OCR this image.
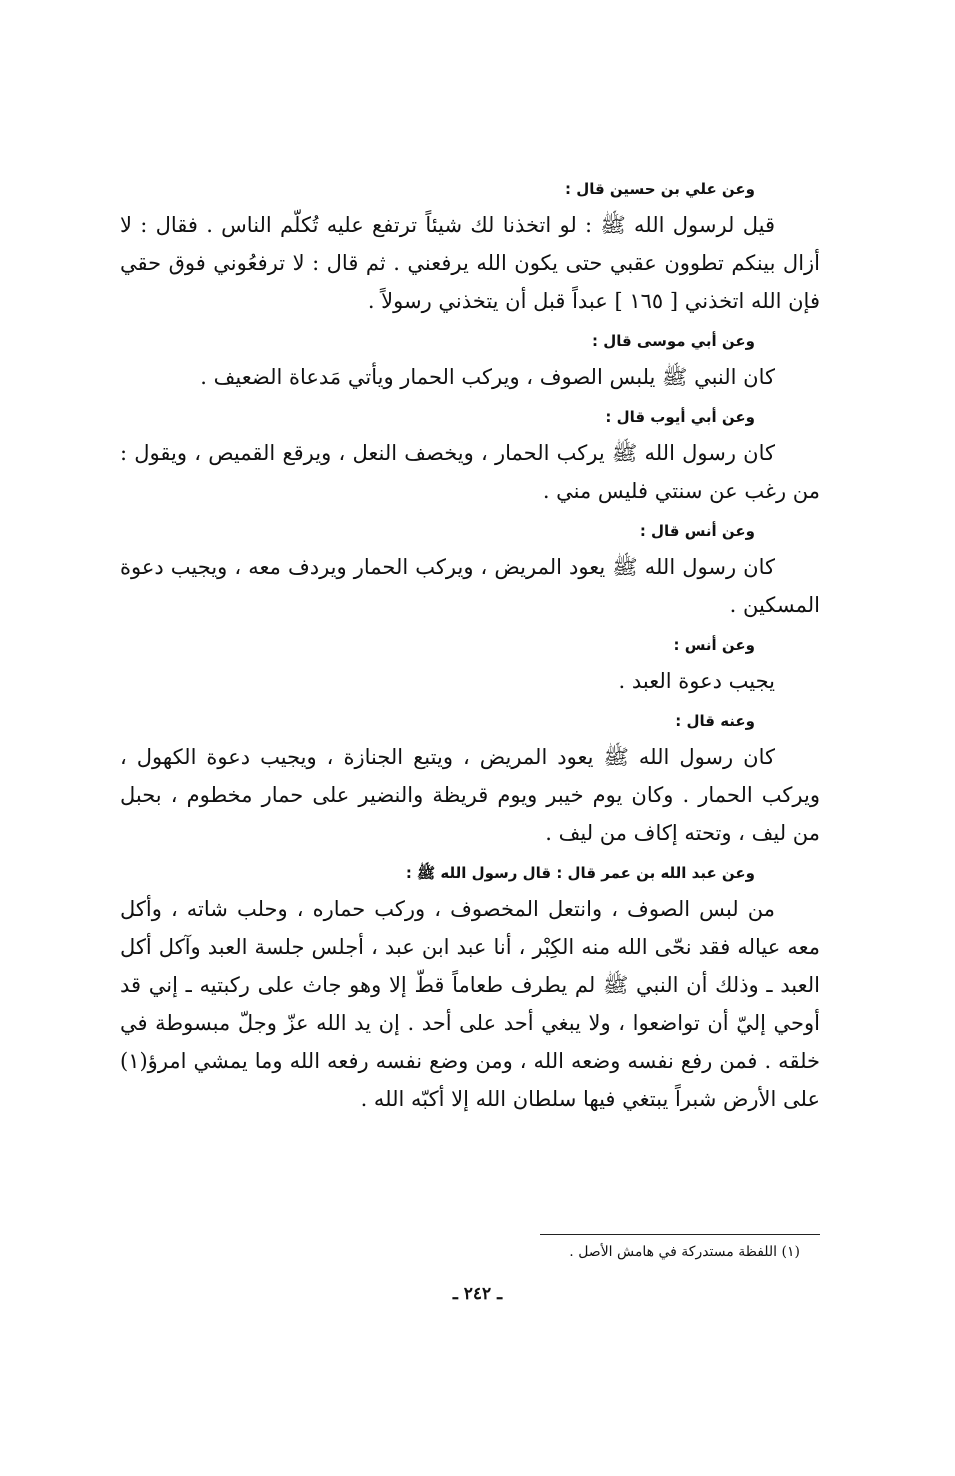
وعن علي بن حسين قال :

قيل لرسول الله ﷺ : لو اتخذنا لك شيئاً ترتفع عليه تُكلّم الناس . فقال : لا أزال بينكم تطوون عقبي حتى يكون الله يرفعني . ثم قال : لا ترفعُوني فوق حقي فإن الله اتخذني [ ١٦٥ ] عبداً قبل أن يتخذني رسولاً .

وعن أبي موسى قال :

كان النبي ﷺ يلبس الصوف ، ويركب الحمار ويأتي مَدعاة الضعيف .

وعن أبي أيوب قال :

كان رسول الله ﷺ يركب الحمار ، ويخصف النعل ، ويرقع القميص ، ويقول : من رغب عن سنتي فليس مني .

وعن أنس قال :

كان رسول الله ﷺ يعود المريض ، ويركب الحمار ويردف معه ، ويجيب دعوة المسكين .

وعن أنس :

يجيب دعوة العبد .

وعنه قال :

كان رسول الله ﷺ يعود المريض ، ويتبع الجنازة ، ويجيب دعوة الكهول ، ويركب الحمار . وكان يوم خيبر ويوم قريظة والنضير على حمار مخطوم ، بحبل من ليف ، وتحته إكاف من ليف .

وعن عبد الله بن عمر قال : قال رسول الله ﷺ :

من لبس الصوف ، وانتعل المخصوف ، وركب حماره ، وحلب شاته ، وأكل معه عياله فقد نحّى الله منه الكِبْر ، أنا عبد ابن عبد ، أجلس جلسة العبد وآكل أكل العبد ـ وذلك أن النبي ﷺ لم يطرف طعاماً قطّ إلا وهو جاث على ركبتيه ـ إني قد أوحي إليّ أن تواضعوا ، ولا يبغي أحد على أحد . إن يد الله عزّ وجلّ مبسوطة في خلقه . فمن رفع نفسه وضعه الله ، ومن وضع نفسه رفعه الله وما يمشي امرؤ(١) على الأرض شبراً يبتغي فيها سلطان الله إلا أكبّه الله .

(١) اللفظة مستدركة في هامش الأصل .
ـ ٢٤٢ ـ
